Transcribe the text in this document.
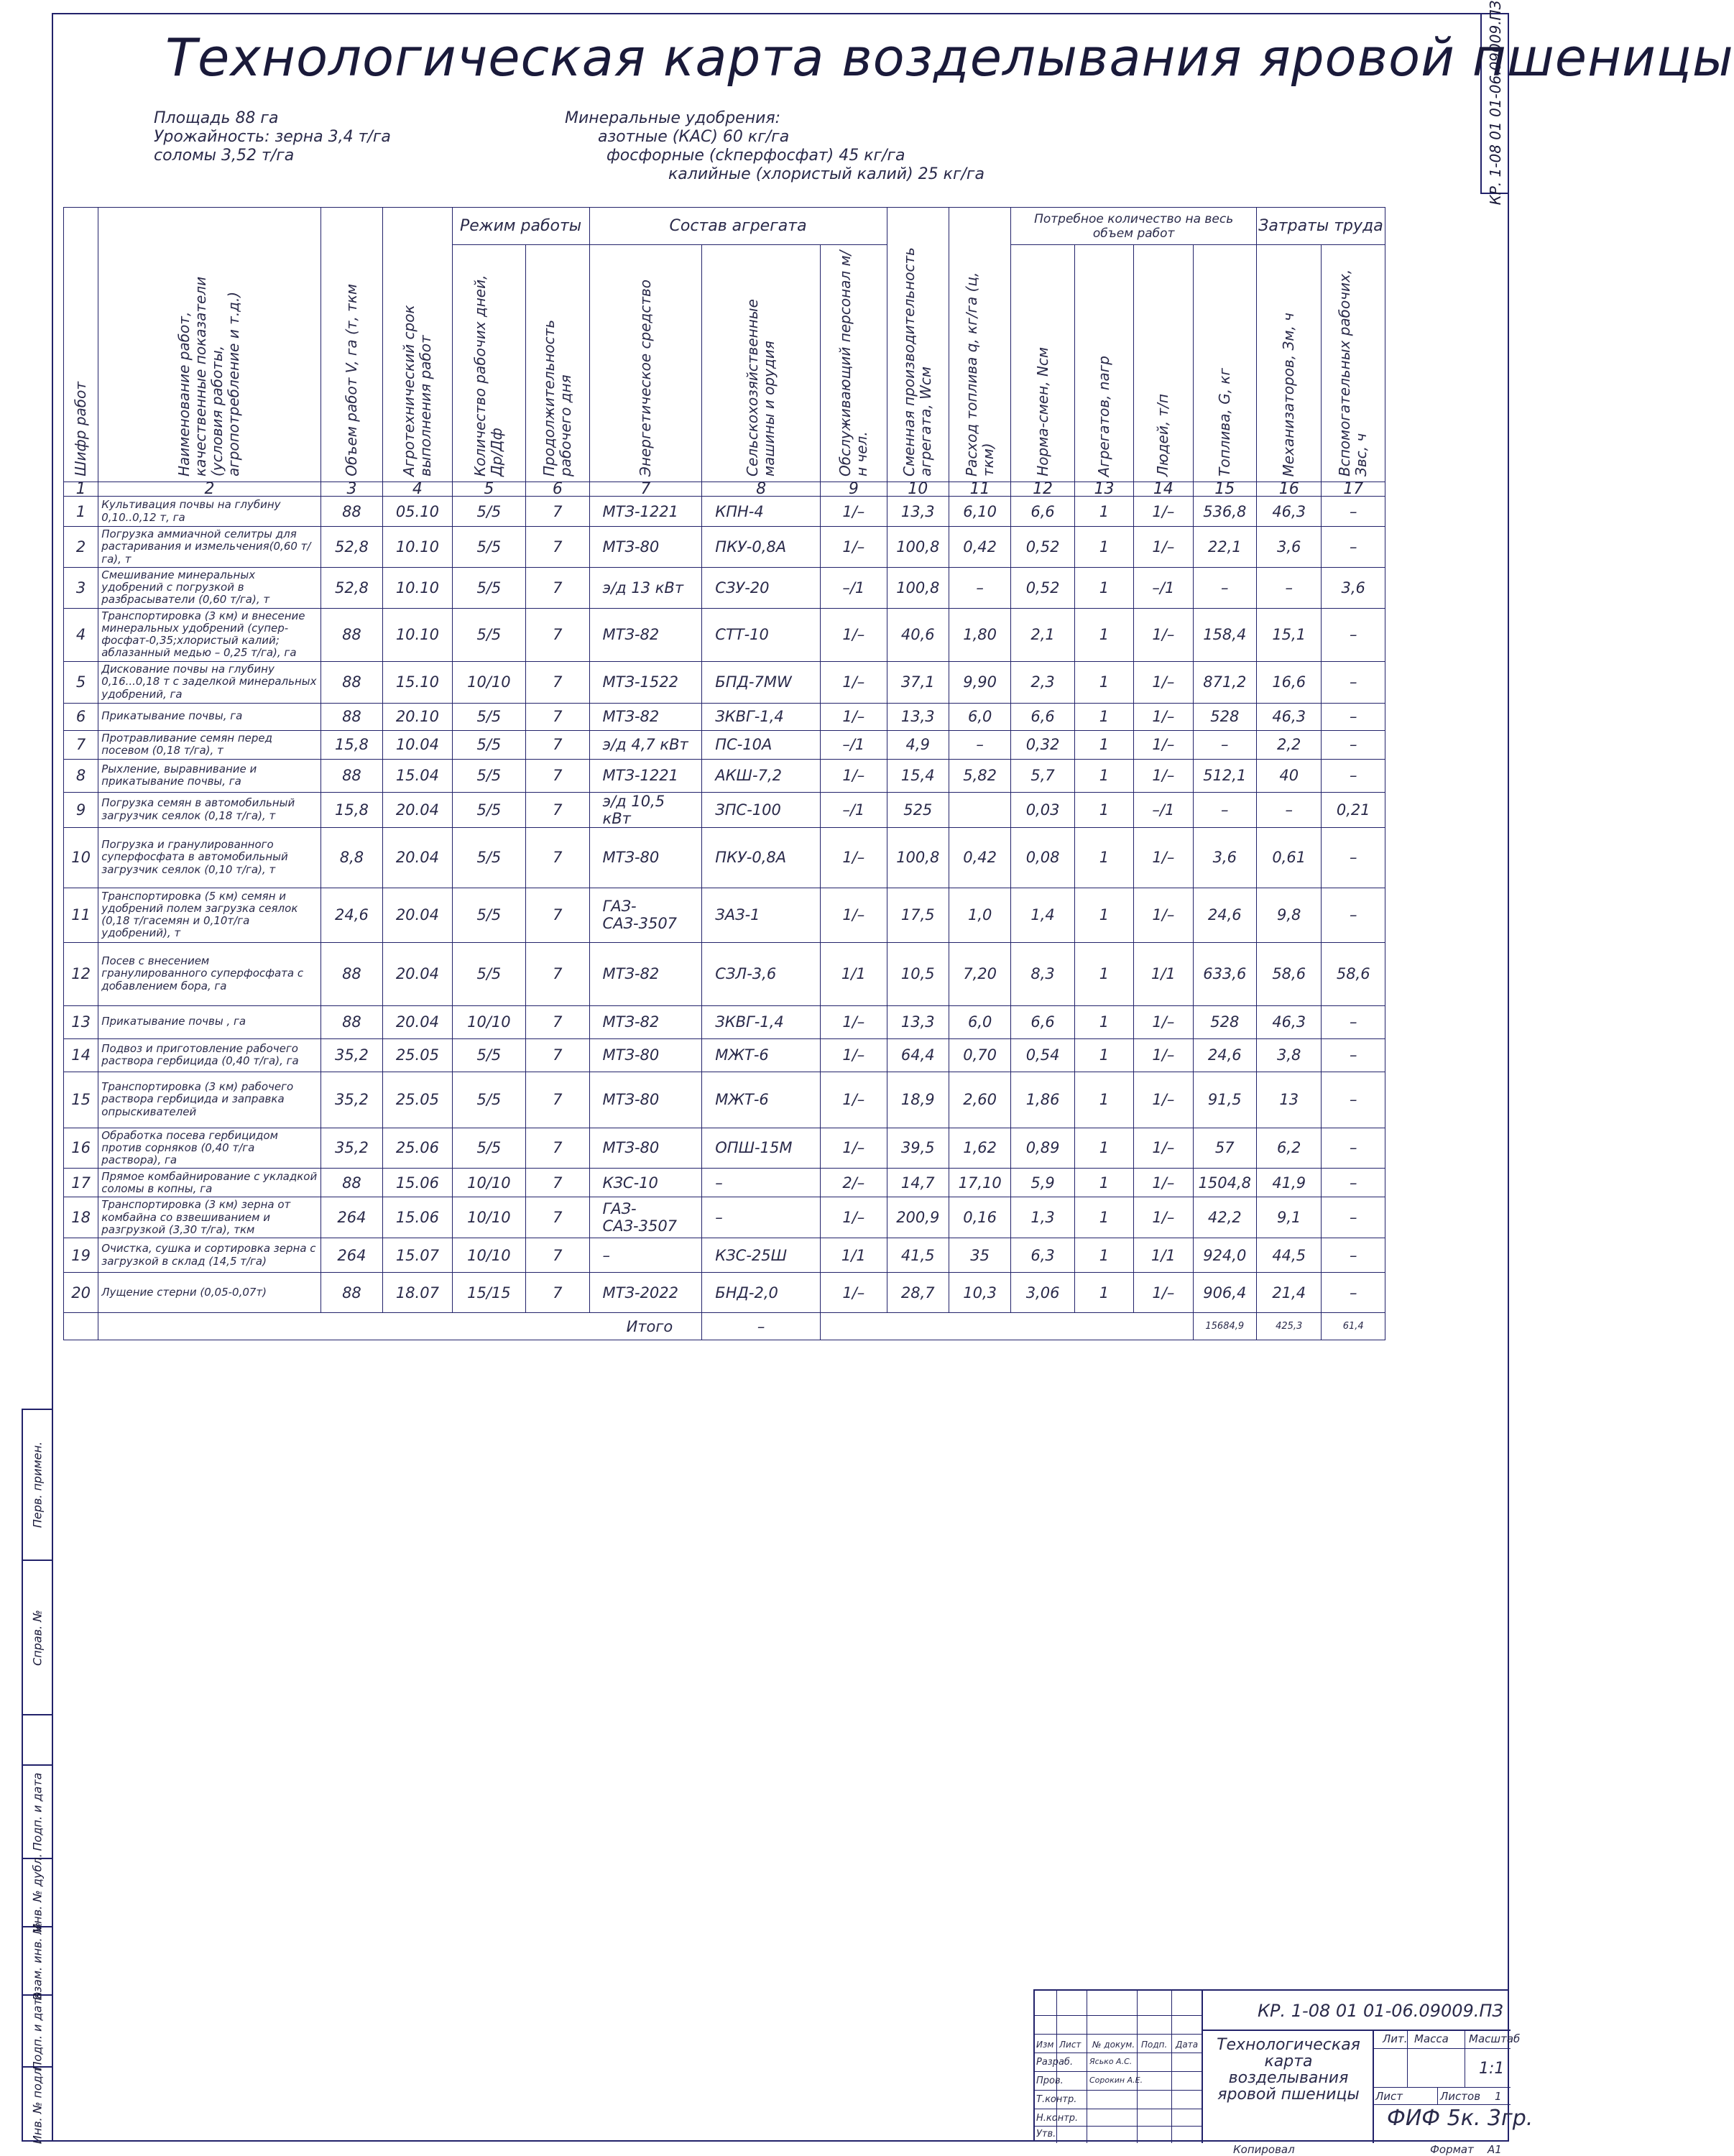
КР. 1-08 01 01-06.09009.ПЗ
Технологическая карта возделывания яровой пшеницы
Площадь 88 га
Урожайность: зерна 3,4 т/га
соломы 3,52 т/га
Минеральные удобрения:
азотные (КАС) 60 кг/га
фосфорные (ckперфосфат) 45 кг/га
калийные (хлористый калий) 25 кг/га
Шифр работ	Наименование работ, качественные показатели (условия работы, агропотребление и т.д.)	Объем работ V, га (т, ткм	Агротехнический срок выполнения работ	Режим работы		Состав агрегата			Сменная производительность агрегата, Wсм	Расход топлива q, кг/га (ц, ткм)	Потребное количество на весь объем работ				Затраты труда	
				Количество рабочих дней, Дp/Дф	Продолжительность рабочего дня	Энергетическое средство	Сельскохозяйственные машины и орудия	Обслуживающий персонал м/н чел.			Норма-смен, Nсм	Агрегатов, nагр	Людей, т/п	Топлива, G, кг	Механизаторов, Зм, ч	Вспомогательных рабочих, Звс, ч
1	2	3	4	5	6	7	8	9	10	11	12	13	14	15	16	17
1	Культивация почвы на глубину 0,10..0,12 т, га	88	05.10	5/5	7	МТЗ-1221	КПН-4	1/–	13,3	6,10	6,6	1	1/–	536,8	46,3	–
2	Погрузка аммиачной селитры для растаривания и измельчения(0,60 т/га), т	52,8	10.10	5/5	7	МТЗ-80	ПКУ-0,8А	1/–	100,8	0,42	0,52	1	1/–	22,1	3,6	–
3	Смешивание минеральных удобрений с погрузкой в разбрасыватели (0,60 т/га), т	52,8	10.10	5/5	7	э/д 13 кВт	СЗУ-20	–/1	100,8	–	0,52	1	–/1	–	–	3,6
4	Транспортировка (3 км) и внесение минеральных удобрений (супер-фосфат-0,35;хлористый калий; аблазанный медью – 0,25 т/га), га	88	10.10	5/5	7	МТЗ-82	СТТ-10	1/–	40,6	1,80	2,1	1	1/–	158,4	15,1	–
5	Дискование почвы на глубину 0,16...0,18 т с заделкой минеральных удобрений, га	88	15.10	10/10	7	МТЗ-1522	БПД-7МW	1/–	37,1	9,90	2,3	1	1/–	871,2	16,6	–
6	Прикатывание почвы, га	88	20.10	5/5	7	МТЗ-82	ЗКВГ-1,4	1/–	13,3	6,0	6,6	1	1/–	528	46,3	–
7	Протравливание семян перед посевом (0,18 т/га), т	15,8	10.04	5/5	7	э/д 4,7 кВт	ПС-10А	–/1	4,9	–	0,32	1	1/–	–	2,2	–
8	Рыхление, выравнивание и прикатывание почвы, га	88	15.04	5/5	7	МТЗ-1221	АКШ-7,2	1/–	15,4	5,82	5,7	1	1/–	512,1	40	–
9	Погрузка семян в автомобильный загрузчик сеялок (0,18 т/га), т	15,8	20.04	5/5	7	э/д 10,5 кВт	ЗПС-100	–/1	525		0,03	1	–/1	–	–	0,21
10	Погрузка и гранулированного суперфосфата в автомобильный загрузчик сеялок (0,10 т/га), т	8,8	20.04	5/5	7	МТЗ-80	ПКУ-0,8А	1/–	100,8	0,42	0,08	1	1/–	3,6	0,61	–
11	Транспортировка (5 км) семян и удобрений полем загрузка сеялок (0,18 т/гасемян и 0,10т/га удобрений), т	24,6	20.04	5/5	7	ГАЗ-САЗ-3507	ЗАЗ-1	1/–	17,5	1,0	1,4	1	1/–	24,6	9,8	–
12	Посев с внесением гранулированного суперфосфата с добавлением бора, га	88	20.04	5/5	7	МТЗ-82	СЗЛ-3,6	1/1	10,5	7,20	8,3	1	1/1	633,6	58,6	58,6
13	Прикатывание почвы , га	88	20.04	10/10	7	МТЗ-82	ЗКВГ-1,4	1/–	13,3	6,0	6,6	1	1/–	528	46,3	–
14	Подвоз и приготовление рабочего раствора гербицида (0,40 т/га), га	35,2	25.05	5/5	7	МТЗ-80	МЖТ-6	1/–	64,4	0,70	0,54	1	1/–	24,6	3,8	–
15	Транспортировка (3 км) рабочего раствора гербицида и заправка опрыскивателей	35,2	25.05	5/5	7	МТЗ-80	МЖТ-6	1/–	18,9	2,60	1,86	1	1/–	91,5	13	–
16	Обработка посева гербицидом против сорняков (0,40 т/га раствора), га	35,2	25.06	5/5	7	МТЗ-80	ОПШ-15М	1/–	39,5	1,62	0,89	1	1/–	57	6,2	–
17	Прямое комбайнирование с укладкой соломы в копны, га	88	15.06	10/10	7	КЗС-10	–	2/–	14,7	17,10	5,9	1	1/–	1504,8	41,9	–
18	Транспортировка (3 км) зерна от комбайна со взвешиванием и разгрузкой (3,30 т/га), ткм	264	15.06	10/10	7	ГАЗ-САЗ-3507	–	1/–	200,9	0,16	1,3	1	1/–	42,2	9,1	–
19	Очистка, сушка и сортировка зерна с загрузкой в склад (14,5 т/га)	264	15.07	10/10	7	–	КЗС-25Ш	1/1	41,5	35	6,3	1	1/1	924,0	44,5	–
20	Лущение стерни (0,05-0,07т)	88	18.07	15/15	7	МТЗ-2022	БНД-2,0	1/–	28,7	10,3	3,06	1	1/–	906,4	21,4	–
	Итого						–							15684,9	425,3	61,4
Перв. примен.
Справ. №
Подп. и дата
Инв. № дубл.
Взам. инв. №
Подп. и дата
Инв. № подл.
КР. 1-08 01 01-06.09009.ПЗ
Технологическая карта возделывания яровой пшеницы
Изм Лист № докум. Подп. Дата
Разраб.
Пров.
Т.контр.
Н.контр.
Утв.
Ясько А.С.
Сорокин А.Е.
Лит. Масса Масштаб
1:1
Лист	Листов 1
ФИФ 5к. 3гр.
Копировал	Формат А1
